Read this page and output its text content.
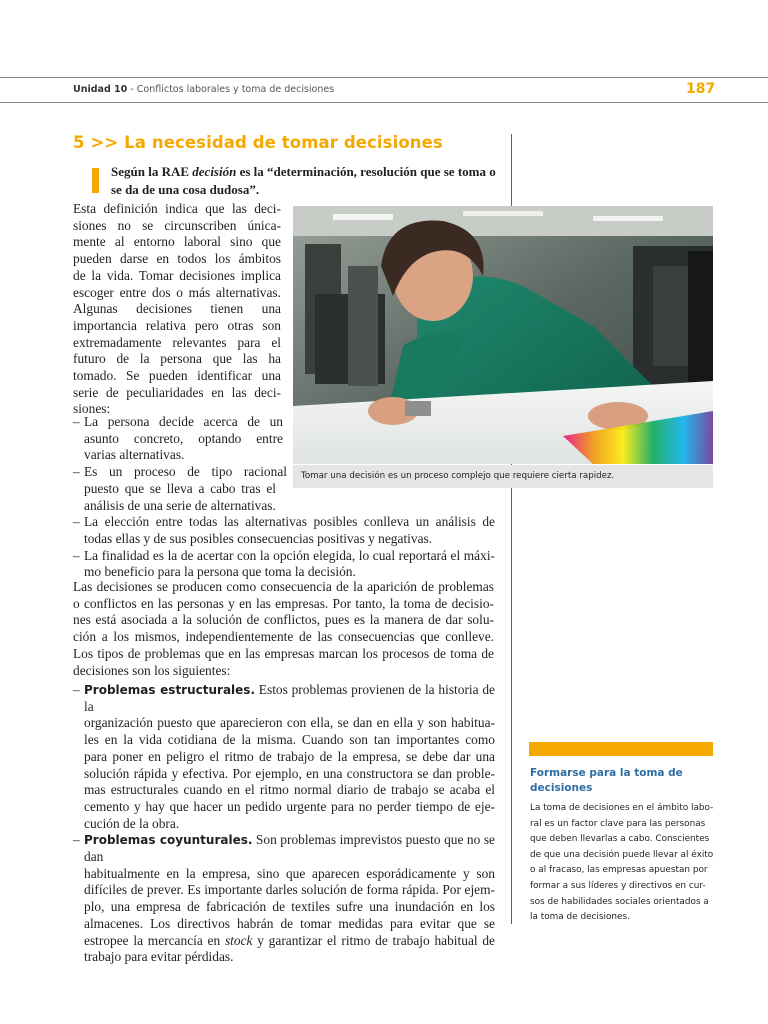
Unidad 10 - Conflictos laborales y toma de decisiones	187
5 >> La necesidad de tomar decisiones
Según la RAE decisión es la “determinación, resolución que se toma o se da de una cosa dudosa”.
Esta definición indica que las deci-
siones no se circunscriben única-
mente al entorno laboral sino que
pueden darse en todos los ámbitos
de la vida. Tomar decisiones implica
escoger entre dos o más alternativas.
Algunas decisiones tienen una
importancia relativa pero otras son
extremadamente relevantes para el
futuro de la persona que las ha
tomado. Se pueden identificar una
serie de peculiaridades en las deci-
siones:
– La persona decide acerca de un
asunto concreto, optando entre
varias alternativas.
– Es un proceso de tipo racional
puesto que se lleva a cabo tras el
análisis de una serie de alternativas.
– La elección entre todas las alternativas posibles conlleva un análisis de
todas ellas y de sus posibles consecuencias positivas y negativas.
– La finalidad es la de acertar con la opción elegida, lo cual reportará el máxi-
mo beneficio para la persona que toma la decisión.
Las decisiones se producen como consecuencia de la aparición de problemas
o conflictos en las personas y en las empresas. Por tanto, la toma de decisio-
nes está asociada a la solución de conflictos, pues es la manera de dar solu-
ción a los mismos, independientemente de las consecuencias que conlleve.
Los tipos de problemas que en las empresas marcan los procesos de toma de
decisiones son los siguientes:
– Problemas estructurales. Estos problemas provienen de la historia de la
organización puesto que aparecieron con ella, se dan en ella y son habitua-
les en la vida cotidiana de la misma. Cuando son tan importantes como
para poner en peligro el ritmo de trabajo de la empresa, se debe dar una
solución rápida y efectiva. Por ejemplo, en una constructora se dan proble-
mas estructurales cuando en el ritmo normal diario de trabajo se acaba el
cemento y hay que hacer un pedido urgente para no perder tiempo de eje-
cución de la obra.
– Problemas coyunturales. Son problemas imprevistos puesto que no se dan
habitualmente en la empresa, sino que aparecen esporádicamente y son
difíciles de prever. Es importante darles solución de forma rápida. Por ejem-
plo, una empresa de fabricación de textiles sufre una inundación en los
almacenes. Los directivos habrán de tomar medidas para evitar que se
estropee la mercancía en stock y garantizar el ritmo de trabajo habitual de
trabajo para evitar pérdidas.
Tomar una decisión es un proceso complejo que requiere cierta rapidez.
Formarse para la toma de decisiones
La toma de decisiones en el ámbito labo-
ral es un factor clave para las personas
que deben llevarlas a cabo. Conscientes
de que una decisión puede llevar al éxito
o al fracaso, las empresas apuestan por
formar a sus líderes y directivos en cur-
sos de habilidades sociales orientados a
la toma de decisiones.
